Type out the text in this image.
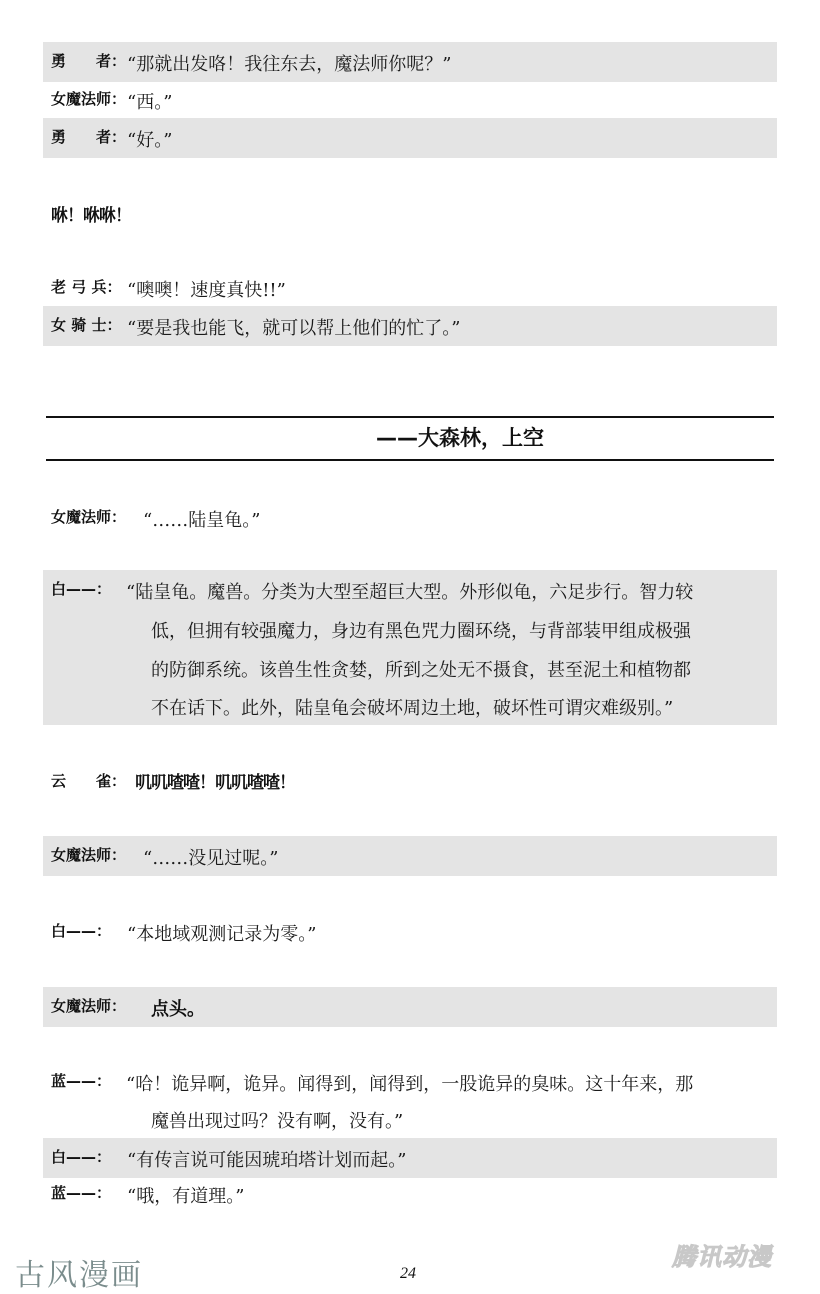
勇　　者： “那就出发咯！我往东去，魔法师你呢？”
女魔法师： “西。”
勇　　者： “好。”
咻！咻咻！
老 弓 兵： “噢噢！速度真快!!”
女 骑 士： “要是我也能飞，就可以帮上他们的忙了。”
——大森林，上空
女魔法师： “……陆皇龟。”
白——： “陆皇龟。魔兽。分类为大型至超巨大型。外形似龟，六足步行。智力较
低，但拥有较强魔力，身边有黑色咒力圈环绕，与背部装甲组成极强
的防御系统。该兽生性贪婪，所到之处无不摄食，甚至泥土和植物都
不在话下。此外，陆皇龟会破坏周边土地，破坏性可谓灾难级别。”
云　　雀： 叽叽喳喳！叽叽喳喳！
女魔法师： “……没见过呢。”
白——： “本地域观测记录为零。”
女魔法师：	点头。
蓝——： “哈！诡异啊，诡异。闻得到，闻得到，一股诡异的臭味。这十年来，那
魔兽出现过吗？没有啊，没有。”
白——： “有传言说可能因琥珀塔计划而起。”
蓝——： “哦，有道理。”
古风漫画	24
腾讯动漫
